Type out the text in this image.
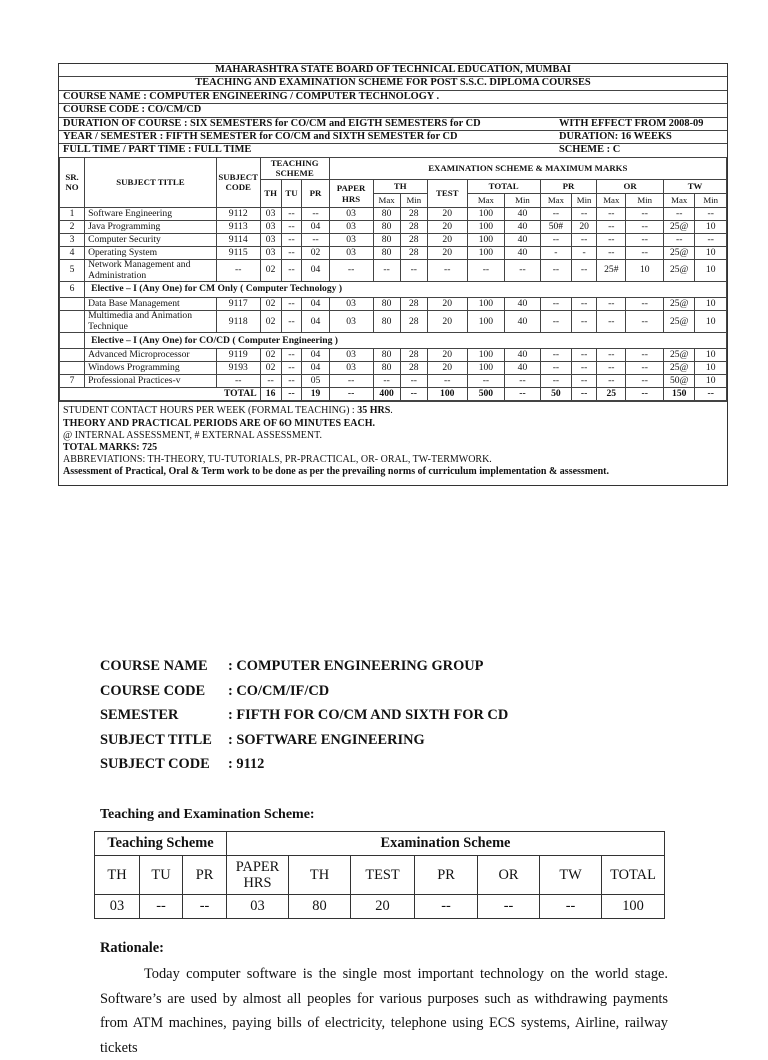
MAHARASHTRA STATE BOARD OF TECHNICAL EDUCATION, MUMBAI
TEACHING AND EXAMINATION SCHEME FOR POST S.S.C. DIPLOMA COURSES
COURSE NAME : COMPUTER ENGINEERING / COMPUTER TECHNOLOGY .
COURSE CODE : CO/CM/CD
DURATION OF COURSE : SIX SEMESTERS for CO/CM and EIGTH SEMESTERS for CD	WITH EFFECT FROM 2008-09
YEAR / SEMESTER : FIFTH SEMESTER for CO/CM and SIXTH SEMESTER for CD	DURATION: 16 WEEKS
FULL TIME / PART TIME : FULL TIME	SCHEME : C
SR. NO	SUBJECT TITLE	SUBJECT CODE	TEACHING SCHEME			EXAMINATION SCHEME & MAXIMUM MARKS											
			TH	TU	PR	PAPER HRS	TH		TEST	TOTAL		PR		OR		TW	
							Max	Min		Max	Min	Max	Min	Max	Min	Max	Min
1	Software Engineering	9112	03	--	--	03	80	28	20	100	40	--	--	--	--	--	--
2	Java Programming	9113	03	--	04	03	80	28	20	100	40	50#	20	--	--	25@	10
3	Computer Security	9114	03	--	--	03	80	28	20	100	40	--	--	--	--	--	--
4	Operating System	9115	03	--	02	03	80	28	20	100	40	-	-	--	--	25@	10
5	Network Management and Administration	--	02	--	04	--	--	--	--	--	--	--	--	25#	10	25@	10
6	Elective – I (Any One) for CM Only ( Computer Technology )																
	Data Base Management	9117	02	--	04	03	80	28	20	100	40	--	--	--	--	25@	10
	Multimedia and Animation Technique	9118	02	--	04	03	80	28	20	100	40	--	--	--	--	25@	10
	Elective – I (Any One) for CO/CD ( Computer Engineering )																
	Advanced Microprocessor	9119	02	--	04	03	80	28	20	100	40	--	--	--	--	25@	10
	Windows Programming	9193	02	--	04	03	80	28	20	100	40	--	--	--	--	25@	10
7	Professional Practices-v	--	--	--	05	--	--	--	--	--	--	--	--	--	--	50@	10
TOTAL			16	--	19	--	400	--	100	500	--	50	--	25	--	150	--
STUDENT CONTACT HOURS PER WEEK (FORMAL TEACHING) : 35 HRS.
THEORY AND PRACTICAL PERIODS ARE OF 6O MINUTES EACH.
@ INTERNAL ASSESSMENT, # EXTERNAL ASSESSMENT.
TOTAL MARKS: 725
ABBREVIATIONS: TH-THEORY, TU-TUTORIALS, PR-PRACTICAL, OR- ORAL, TW-TERMWORK.
Assessment of Practical, Oral & Term work to be done as per the prevailing norms of curriculum implementation & assessment.
COURSE NAME	: COMPUTER ENGINEERING GROUP
COURSE CODE	: CO/CM/IF/CD
SEMESTER	: FIFTH FOR CO/CM AND SIXTH FOR CD
SUBJECT TITLE	: SOFTWARE ENGINEERING
SUBJECT CODE	: 9112
Teaching and Examination Scheme:
Teaching Scheme			Examination Scheme						
TH	TU	PR	PAPER HRS	TH	TEST	PR	OR	TW	TOTAL
03	--	--	03	80	20	--	--	--	100
Rationale:
Today computer software is the single most important technology on the world stage. Software’s are used by almost all peoples for various purposes such as withdrawing payments from ATM machines, paying bills of electricity, telephone using ECS systems, Airline, railway tickets
